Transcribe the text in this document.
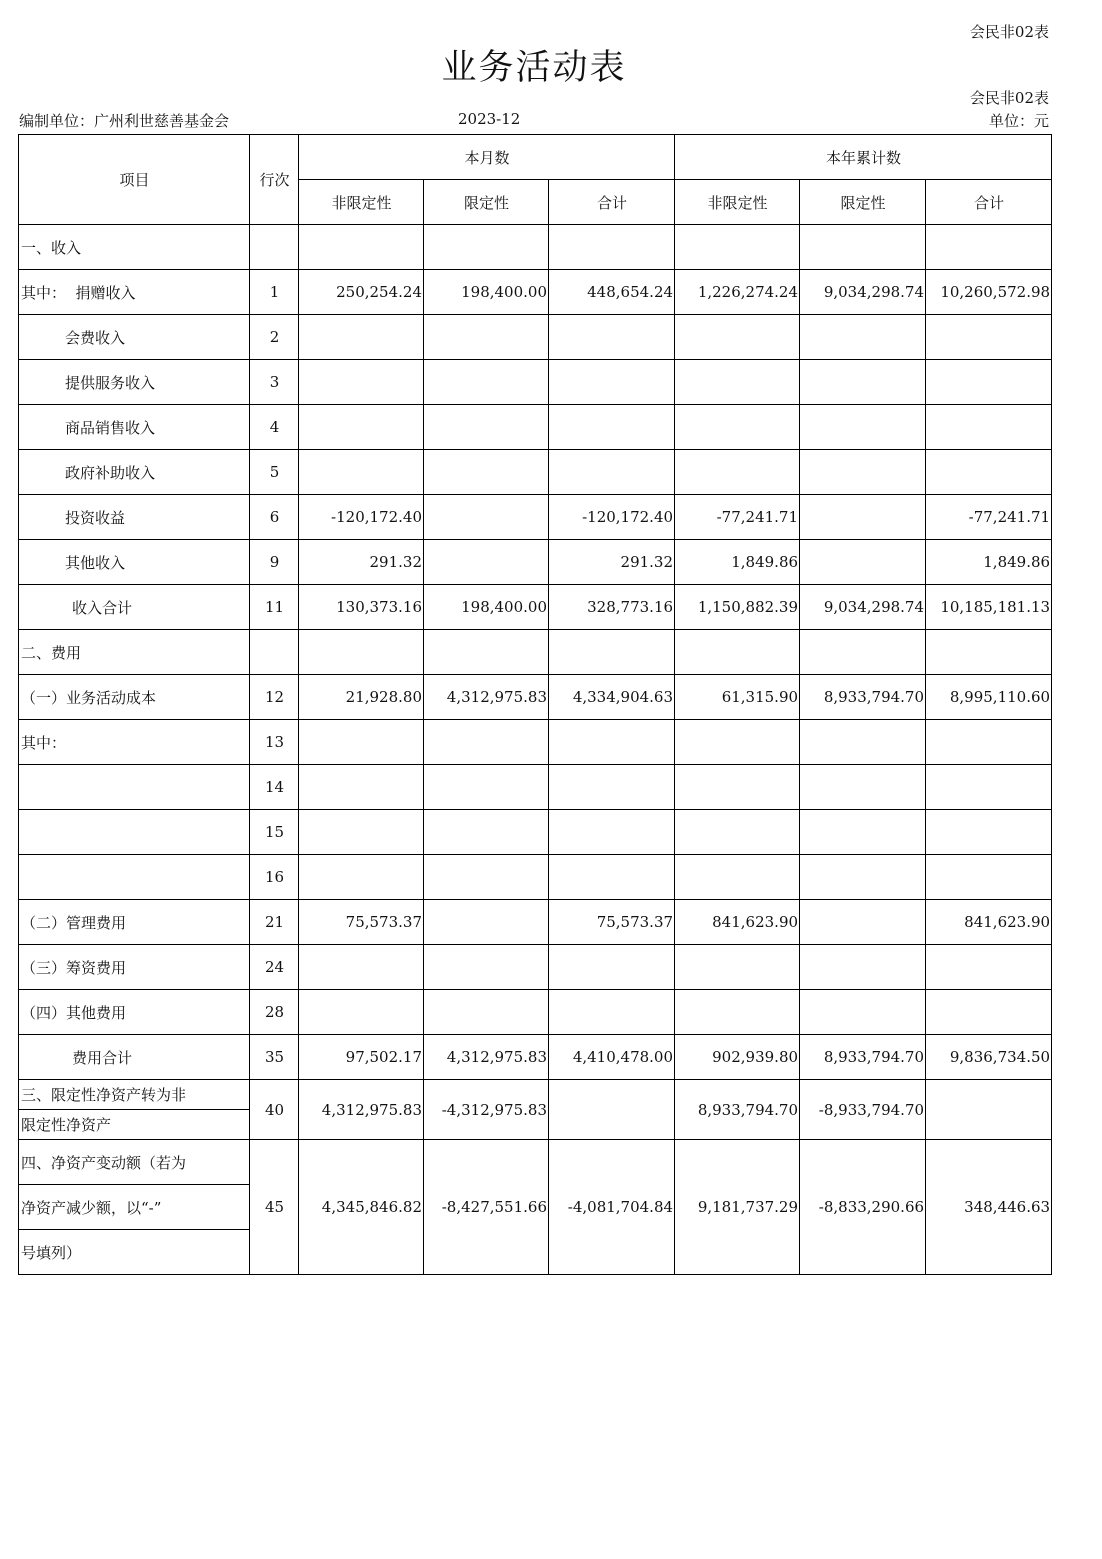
会民非02表
业务活动表
会民非02表
编制单位：广州利世慈善基金会	2023-12	单位：元
项目	行次	本月数			本年累计数		
		非限定性	限定性	合计	非限定性	限定性	合计
一、收入							
其中：  捐赠收入	1	250,254.24	198,400.00	448,654.24	1,226,274.24	9,034,298.74	10,260,572.98
会费收入	2						
提供服务收入	3						
商品销售收入	4						
政府补助收入	5						
投资收益	6	-120,172.40		-120,172.40	-77,241.71		-77,241.71
其他收入	9	291.32		291.32	1,849.86		1,849.86
收入合计	11	130,373.16	198,400.00	328,773.16	1,150,882.39	9,034,298.74	10,185,181.13
二、费用							
（一）业务活动成本	12	21,928.80	4,312,975.83	4,334,904.63	61,315.90	8,933,794.70	8,995,110.60
其中：	13						
	14						
	15						
	16						
（二）管理费用	21	75,573.37		75,573.37	841,623.90		841,623.90
（三）筹资费用	24						
（四）其他费用	28						
费用合计	35	97,502.17	4,312,975.83	4,410,478.00	902,939.80	8,933,794.70	9,836,734.50
三、限定性净资产转为非	40	4,312,975.83	-4,312,975.83		8,933,794.70	-8,933,794.70	
限定性净资产							
四、净资产变动额（若为	45	4,345,846.82	-8,427,551.66	-4,081,704.84	9,181,737.29	-8,833,290.66	348,446.63
净资产减少额，以“-”							
号填列）							
